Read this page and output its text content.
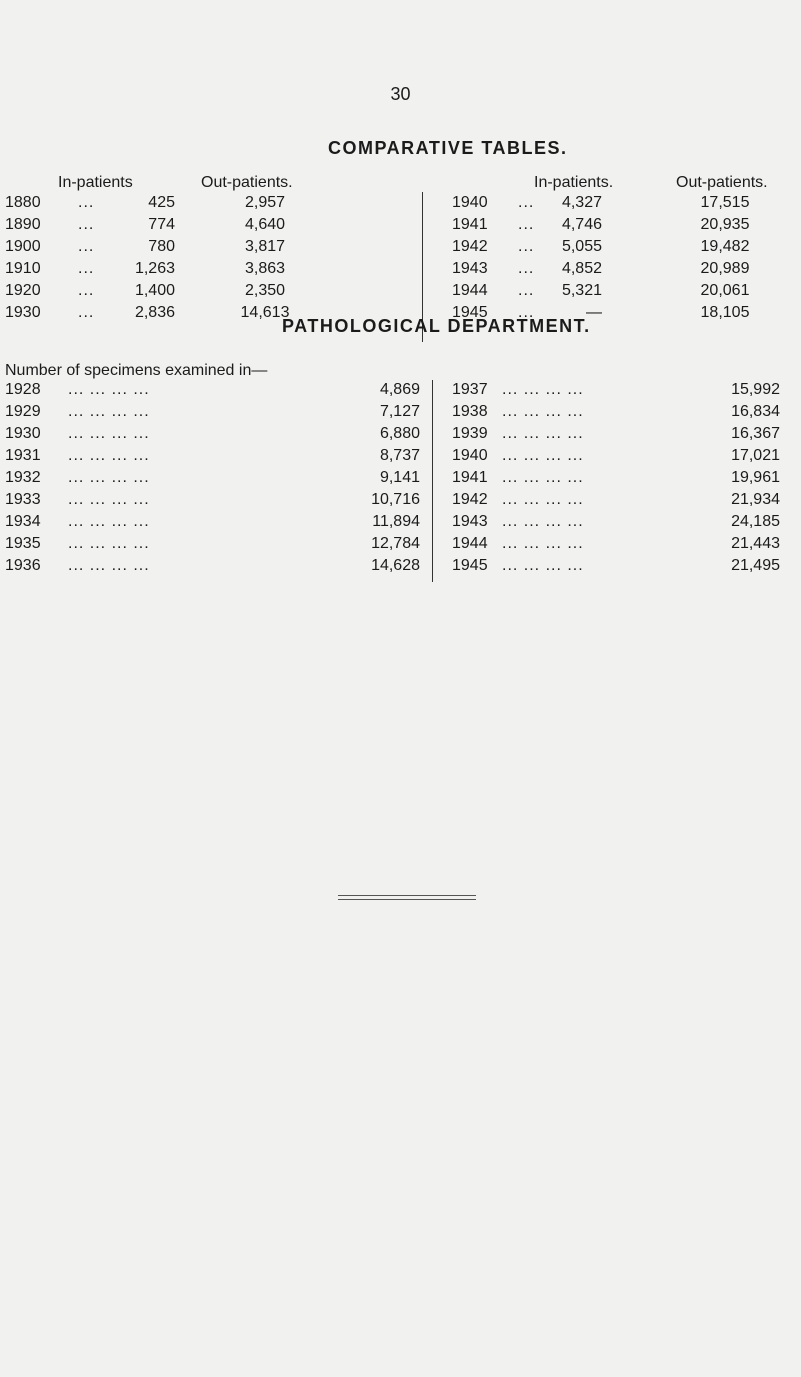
30
COMPARATIVE TABLES.
In-patients	Out-patients.	In-patients.	Out-patients.
1880 ...	425	2,957
1890 ...	774	4,640
1900 ...	780	3,817
1910 ...	1,263	3,863
1920 ...	1,400	2,350
1930 ...	2,836	14,613
1940 ...	4,327	17,515
1941 ...	4,746	20,935
1942 ...	5,055	19,482
1943 ...	4,852	20,989
1944 ...	5,321	20,061
1945 ...	—	18,105
PATHOLOGICAL DEPARTMENT.
Number of specimens examined in—
1928 ... ... ... ...	4,869
1929 ... ... ... ...	7,127
1930 ... ... ... ...	6,880
1931 ... ... ... ...	8,737
1932 ... ... ... ...	9,141
1933 ... ... ... ...	10,716
1934 ... ... ... ...	11,894
1935 ... ... ... ...	12,784
1936 ... ... ... ...	14,628
1937 ... ... ... ...	15,992
1938 ... ... ... ...	16,834
1939 ... ... ... ...	16,367
1940 ... ... ... ...	17,021
1941 ... ... ... ...	19,961
1942 ... ... ... ...	21,934
1943 ... ... ... ...	24,185
1944 ... ... ... ...	21,443
1945 ... ... ... ...	21,495
